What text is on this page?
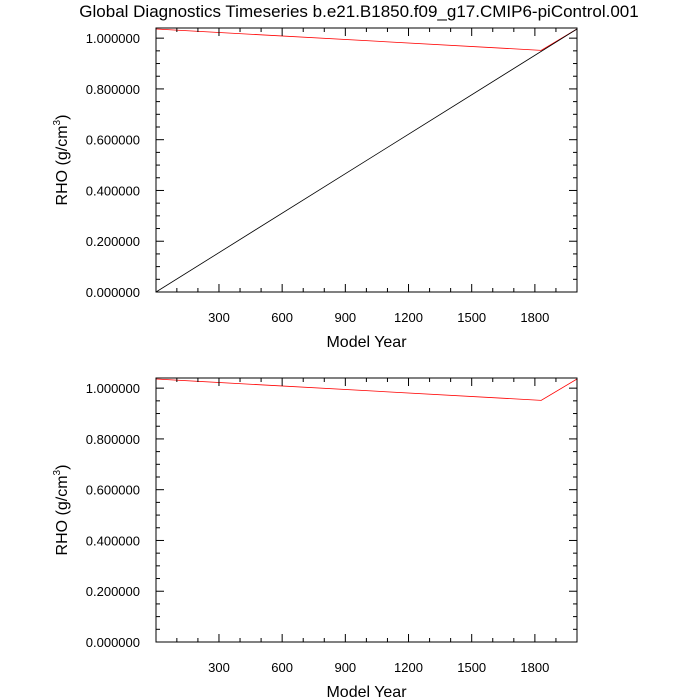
Global Diagnostics Timeseries b.e21.B1850.f09_g17.CMIP6-piControl.001
300	600	900	1200	1500	1800
0.000000
0.200000
0.400000
0.600000
0.800000
1.000000
Model Year
RHO $(g/cm^3)$
300	600	900	1200	1500	1800
0.000000
0.200000
0.400000
0.600000
0.800000
1.000000
Model Year
RHO $(g/cm^3)$
